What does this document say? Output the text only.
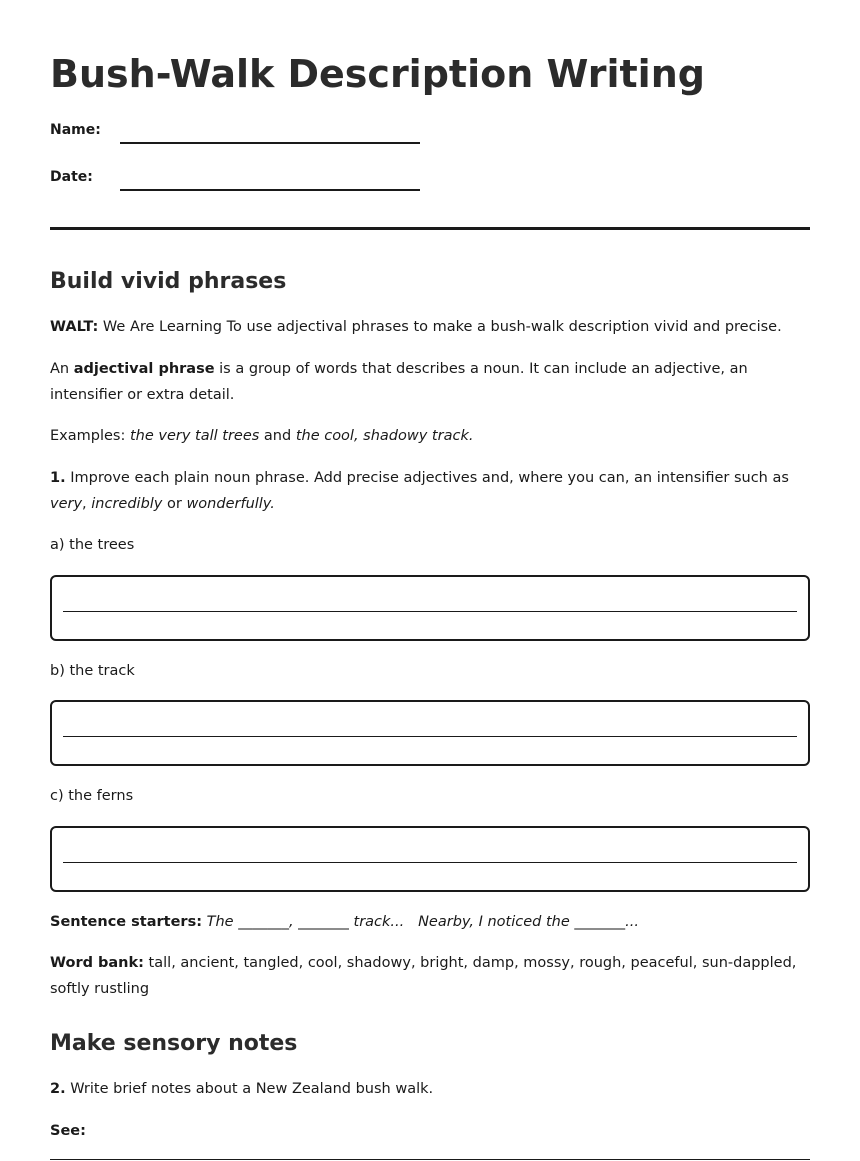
Bush-Walk Description Writing
Name:
Date:
Build vivid phrases

WALT: We Are Learning To use adjectival phrases to make a bush-walk description vivid and precise.

An adjectival phrase is a group of words that describes a noun. It can include an adjective, an intensifier or extra detail.

Examples: the very tall trees and the cool, shadowy track.

1. Improve each plain noun phrase. Add precise adjectives and, where you can, an intensifier such as very, incredibly or wonderfully.

a) the trees

b) the track

c) the ferns

Sentence starters: The _______, _______ track...   Nearby, I noticed the _______...

Word bank: tall, ancient, tangled, cool, shadowy, bright, damp, mossy, rough, peaceful, sun-dappled, softly rustling

Make sensory notes

2. Write brief notes about a New Zealand bush walk.

See:
